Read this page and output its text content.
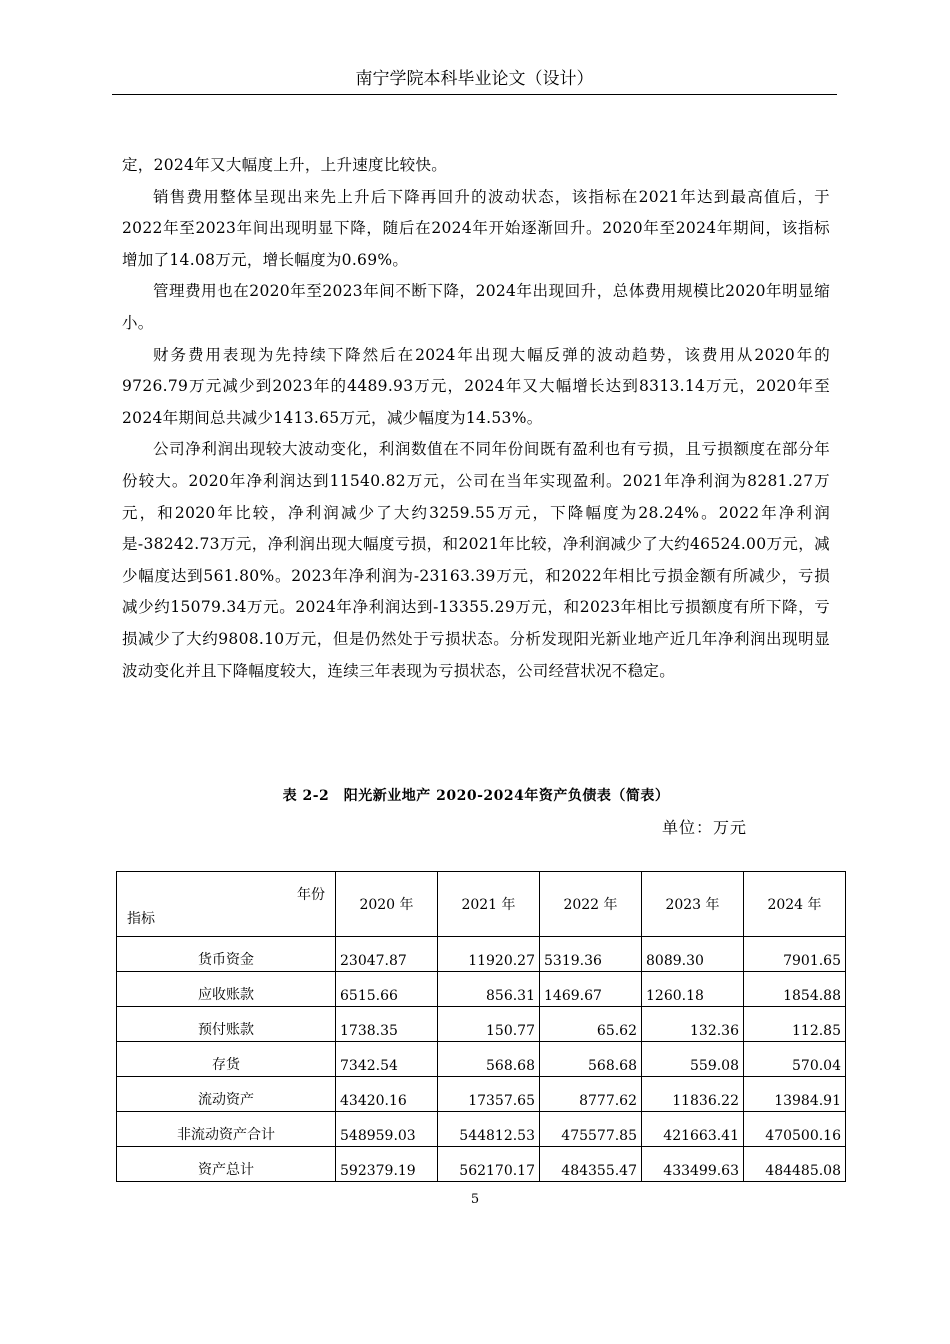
南宁学院本科毕业论文（设计）

定，2024年又大幅度上升，上升速度比较快。

销售费用整体呈现出来先上升后下降再回升的波动状态，该指标在2021年达到最高值后，于2022年至2023年间出现明显下降，随后在2024年开始逐渐回升。2020年至2024年期间，该指标增加了14.08万元，增长幅度为0.69%。

管理费用也在2020年至2023年间不断下降，2024年出现回升，总体费用规模比2020年明显缩小。

财务费用表现为先持续下降然后在2024年出现大幅反弹的波动趋势，该费用从2020年的9726.79万元减少到2023年的4489.93万元，2024年又大幅增长达到8313.14万元，2020年至2024年期间总共减少1413.65万元，减少幅度为14.53%。

公司净利润出现较大波动变化，利润数值在不同年份间既有盈利也有亏损，且亏损额度在部分年份较大。2020年净利润达到11540.82万元，公司在当年实现盈利。2021年净利润为8281.27万元，和2020年比较，净利润减少了大约3259.55万元，下降幅度为28.24%。2022年净利润是-38242.73万元，净利润出现大幅度亏损，和2021年比较，净利润减少了大约46524.00万元，减少幅度达到561.80%。2023年净利润为-23163.39万元，和2022年相比亏损金额有所减少，亏损减少约15079.34万元。2024年净利润达到-13355.29万元，和2023年相比亏损额度有所下降，亏损减少了大约9808.10万元，但是仍然处于亏损状态。分析发现阳光新业地产近几年净利润出现明显波动变化并且下降幅度较大，连续三年表现为亏损状态，公司经营状况不稳定。

表 2-2　阳光新业地产 2020-2024年资产负债表（简表）
单位：万元
年份
指标	2020 年	2021 年	2022 年	2023 年	2024 年
货币资金	23047.87	11920.27	5319.36	8089.30	7901.65
应收账款	6515.66	856.31	1469.67	1260.18	1854.88
预付账款	1738.35	150.77	65.62	132.36	112.85
存货	7342.54	568.68	568.68	559.08	570.04
流动资产	43420.16	17357.65	8777.62	11836.22	13984.91
非流动资产合计	548959.03	544812.53	475577.85	421663.41	470500.16
资产总计	592379.19	562170.17	484355.47	433499.63	484485.08
5
